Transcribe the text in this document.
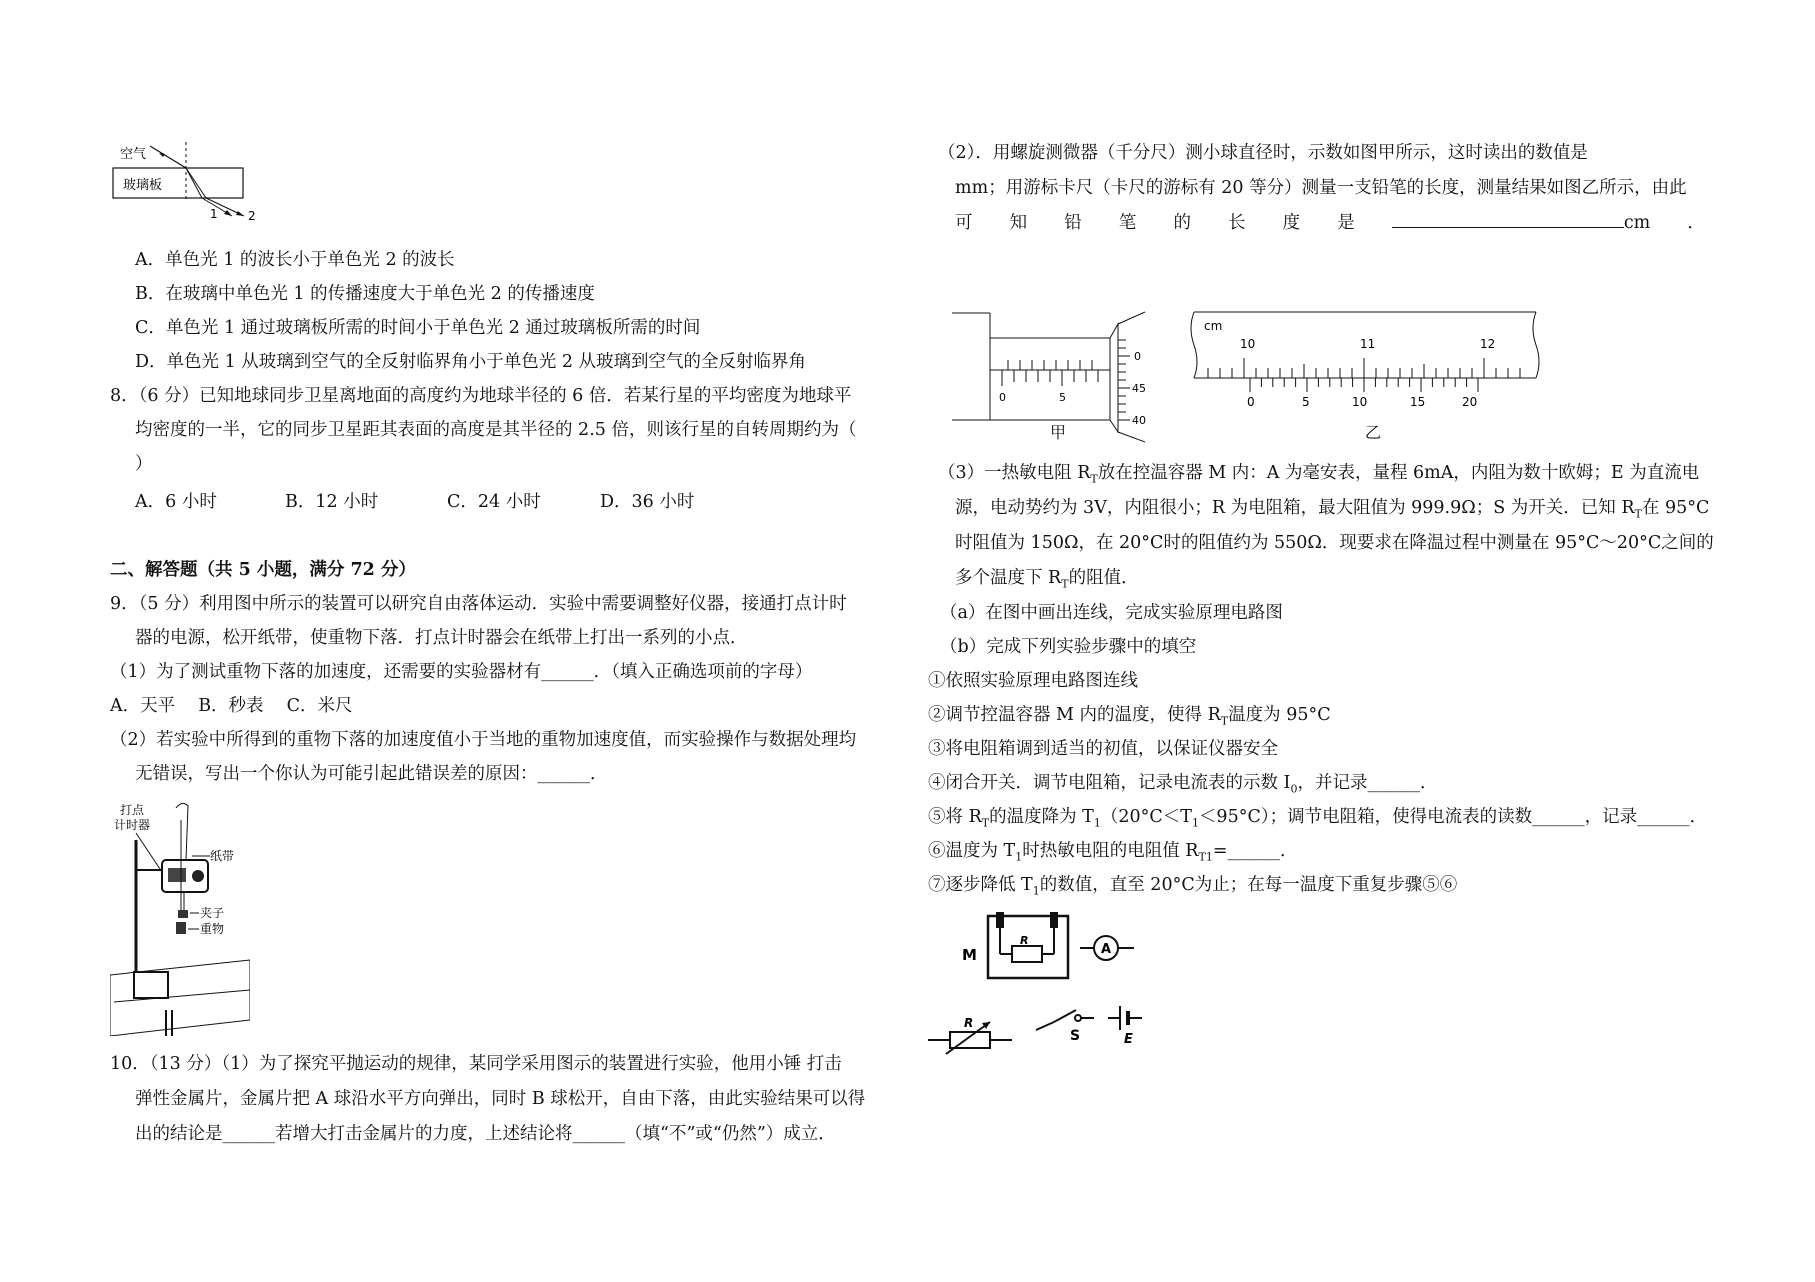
空气
玻璃板
1	2
A．单色光 1 的波长小于单色光 2 的波长
B．在玻璃中单色光 1 的传播速度大于单色光 2 的传播速度
C．单色光 1 通过玻璃板所需的时间小于单色光 2 通过玻璃板所需的时间
D．单色光 1 从玻璃到空气的全反射临界角小于单色光 2 从玻璃到空气的全反射临界角
8．（6 分）已知地球同步卫星离地面的高度约为地球半径的 6 倍．若某行星的平均密度为地球平
均密度的一半，它的同步卫星距其表面的高度是其半径的 2.5 倍，则该行星的自转周期约为（
）
A．6 小时	B．12 小时	C．24 小时	D．36 小时
二、解答题（共 5 小题，满分 72 分）
9．（5 分）利用图中所示的装置可以研究自由落体运动．实验中需要调整好仪器，接通打点计时
器的电源，松开纸带，使重物下落．打点计时器会在纸带上打出一系列的小点．
（1）为了测试重物下落的加速度，还需要的实验器材有______．（填入正确选项前的字母）
A．天平　 B．秒表　 C．米尺
（2）若实验中所得到的重物下落的加速度值小于当地的重物加速度值，而实验操作与数据处理均
无错误，写出一个你认为可能引起此错误差的原因：______．
打点
计时器
纸带
夹子
重物
10．（13 分）（1）为了探究平抛运动的规律，某同学采用图示的装置进行实验，他用小锤 打击
弹性金属片，金属片把 A 球沿水平方向弹出，同时 B 球松开，自由下落，由此实验结果可以得
出的结论是______若增大打击金属片的力度，上述结论将______（填“不”或“仍然”）成立．
（2）．用螺旋测微器（千分尺）测小球直径时，示数如图甲所示，这时读出的数值是
mm；用游标卡尺（卡尺的游标有 20 等分）测量一支铅笔的长度，测量结果如图乙所示，由此
可 知 铅 笔 的 长 度 是	cm ．
0	5
0
45
40
甲
cm
10	11	12
0	5	10	15	20
乙
（3）一热敏电阻 $R_T$放在控温容器 M 内：A 为毫安表，量程 6mA，内阻为数十欧姆；E 为直流电
源，电动势约为 3V，内阻很小；R 为电阻箱，最大阻值为 999.9Ω；S 为开关．已知 $R_T$在 95°C
时阻值为 150Ω，在 20°C时的阻值约为 550Ω．现要求在降温过程中测量在 95°C～20°C之间的
多个温度下 $R_T$的阻值．
（a）在图中画出连线，完成实验原理电路图
（b）完成下列实验步骤中的填空
①依照实验原理电路图连线
②调节控温容器 M 内的温度，使得 $R_T$温度为 95°C
③将电阻箱调到适当的初值，以保证仪器安全
④闭合开关．调节电阻箱，记录电流表的示数 $I_0$，并记录______．
⑤将 $R_T$的温度降为 $T_1(20^\circ C<T_1<95^\circ C)$；调节电阻箱，使得电流表的读数______，记录______．
⑥温度为 $T_1$时热敏电阻的电阻值 $R_{T1}=\_\_\_\_\_\_$．
⑦逐步降低 $T_1$的数值，直至 20°C为止；在每一温度下重复步骤⑤⑥
R
M	A
S	E
R
